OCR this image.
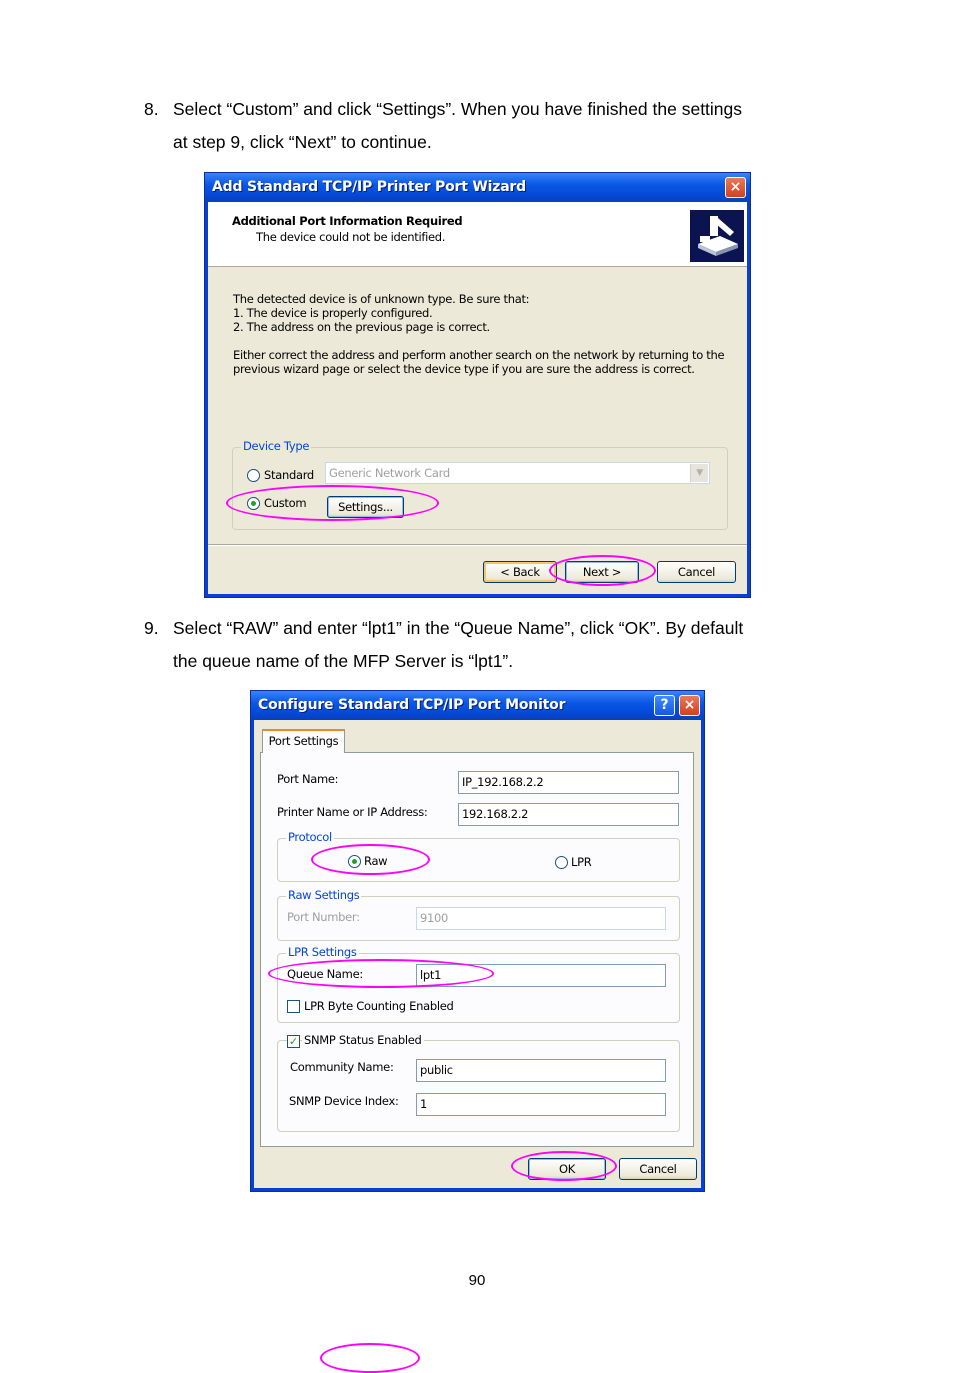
8. Select “Custom” and click “Settings”. When you have finished the settings
at step 9, click “Next” to continue.
Add Standard TCP/IP Printer Port Wizard	×
Additional Port Information Required
The device could not be identified.
The detected device is of unknown type. Be sure that:
1. The device is properly configured.
2. The address on the previous page is correct.
Either correct the address and perform another search on the network by returning to the
previous wizard page or select the device type if you are sure the address is correct.
Device Type
Standard	Generic Network Card	▼
Custom	Settings...
< Back	Next >	Cancel
9. Select “RAW” and enter “lpt1” in the “Queue Name”, click “OK”. By default
the queue name of the MFP Server is “lpt1”.
Configure Standard TCP/IP Port Monitor	?	×
Port Settings
Port Name:	IP_192.168.2.2
Printer Name or IP Address:	192.168.2.2
Protocol
Raw	LPR
Raw Settings
Port Number:	9100
LPR Settings
Queue Name:	lpt1
LPR Byte Counting Enabled
✓ SNMP Status Enabled
Community Name:	public
SNMP Device Index:	1
OK	Cancel
90
